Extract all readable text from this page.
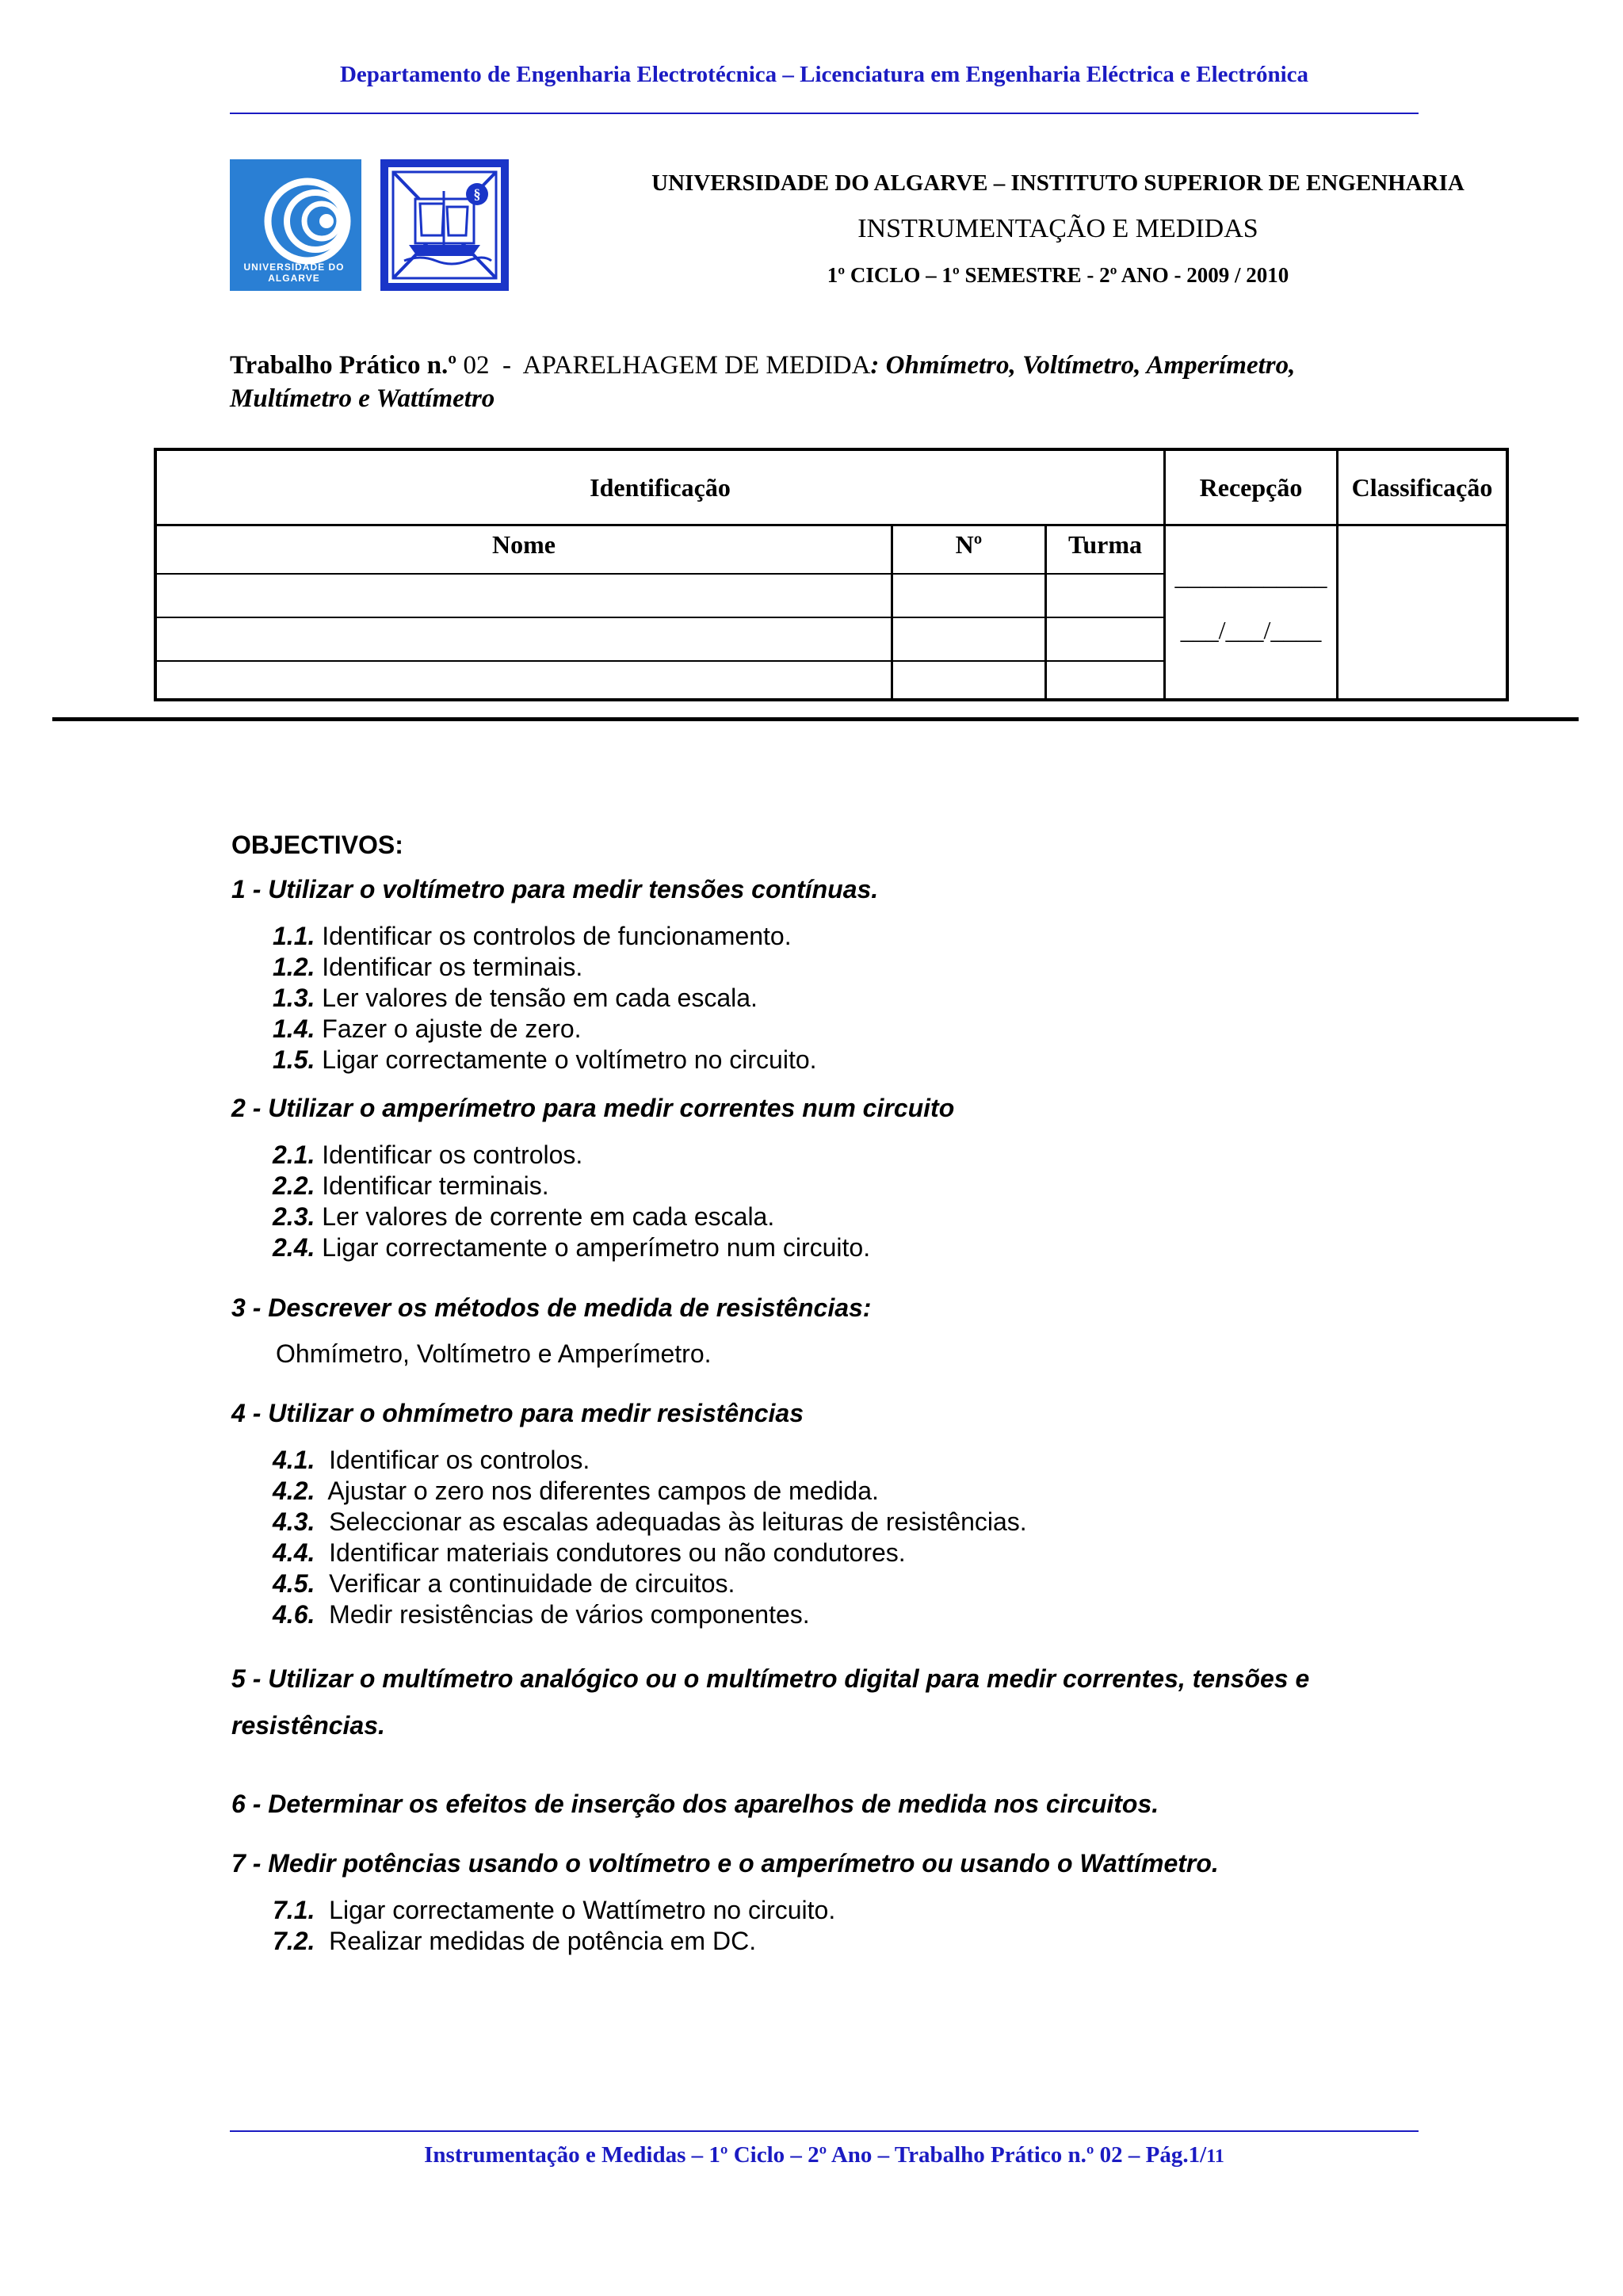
Departamento de Engenharia Electrotécnica – Licenciatura em Engenharia Eléctrica e Electrónica
UNIVERSIDADE DO ALGARVE
§	UNIVERSIDADE DO ALGARVE – INSTITUTO SUPERIOR DE ENGENHARIA
INSTRUMENTAÇÃO E MEDIDAS
1º CICLO – 1º SEMESTRE - 2º ANO - 2009 / 2010
Trabalho Prático n.º 02  -  APARELHAGEM DE MEDIDA: Ohmímetro, Voltímetro, Amperímetro, Multímetro e Wattímetro
Identificação	Recepção	Classificação
Nome	Nº	Turma
____________
___/___/____
OBJECTIVOS:
1 - Utilizar o voltímetro para medir tensões contínuas.
1.1. Identificar os controlos de funcionamento.
1.2. Identificar os terminais.
1.3. Ler valores de tensão em cada escala.
1.4. Fazer o ajuste de zero.
1.5. Ligar correctamente o voltímetro no circuito.
2 - Utilizar o amperímetro para medir correntes num circuito
2.1. Identificar os controlos.
2.2. Identificar terminais.
2.3. Ler valores de corrente em cada escala.
2.4. Ligar correctamente o amperímetro num circuito.
3 - Descrever os métodos de medida de resistências:
Ohmímetro, Voltímetro e Amperímetro.
4 - Utilizar o ohmímetro para medir resistências
4.1.  Identificar os controlos.
4.2.  Ajustar o zero nos diferentes campos de medida.
4.3.  Seleccionar as escalas adequadas às leituras de resistências.
4.4.  Identificar materiais condutores ou não condutores.
4.5.  Verificar a continuidade de circuitos.
4.6.  Medir resistências de vários componentes.
5 - Utilizar o multímetro analógico ou o multímetro digital para medir correntes, tensões e
resistências.
6 - Determinar os efeitos de inserção dos aparelhos de medida nos circuitos.
7 - Medir potências usando o voltímetro e o amperímetro ou usando o Wattímetro.
7.1.  Ligar correctamente o Wattímetro no circuito.
7.2.  Realizar medidas de potência em DC.
Instrumentação e Medidas – 1º Ciclo – 2º Ano – Trabalho Prático n.º 02 – Pág.1/11
